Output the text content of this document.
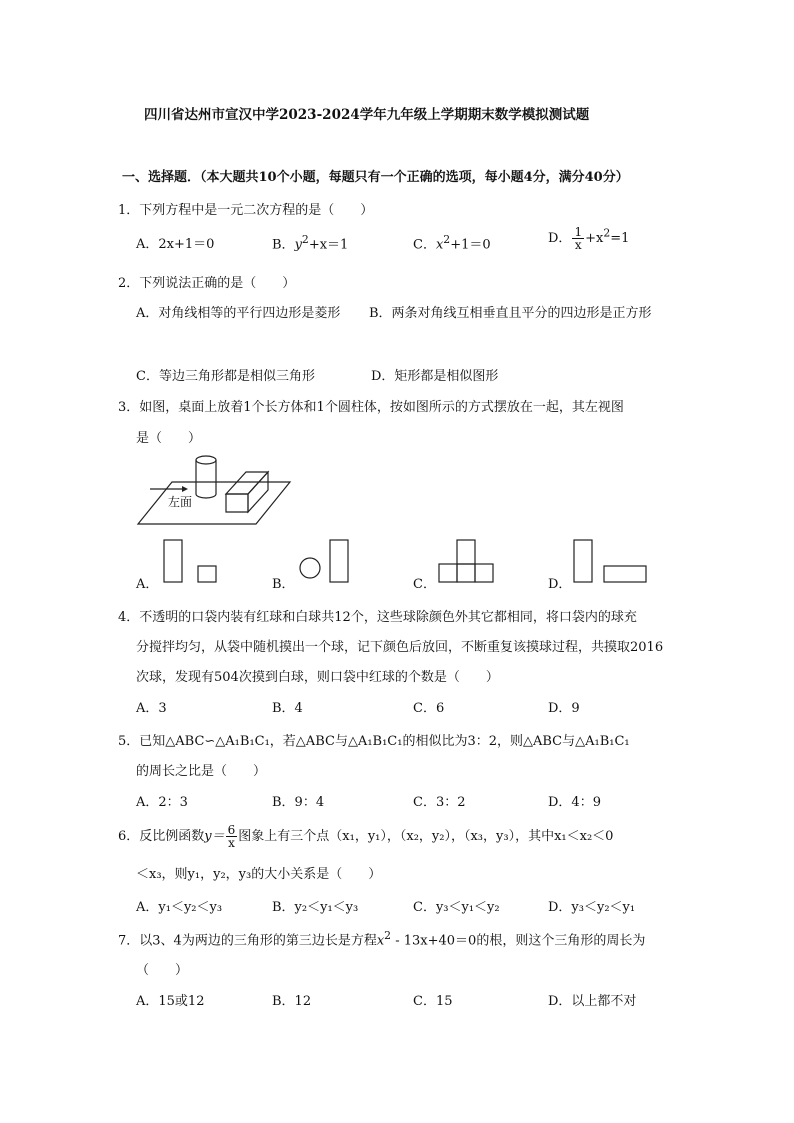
四川省达州市宣汉中学2023-2024学年九年级上学期期末数学模拟测试题
一、选择题．（本大题共10个小题，每题只有一个正确的选项，每小题4分，满分40分）
1．下列方程中是一元二次方程的是（　　）
A．2x+1＝0	B．$y^2+x=1$	C．$x^2+1=0$	D． $\frac{1}{x} +x^2=1$
2．下列说法正确的是（　　）
A．对角线相等的平行四边形是菱形 B．两条对角线互相垂直且平分的四边形是正方形
C．等边三角形都是相似三角形	D．矩形都是相似图形
3．如图，桌面上放着1个长方体和1个圆柱体，按如图所示的方式摆放在一起，其左视图
是（　　）
左面
A．	B．	C．	D．
4．不透明的口袋内装有红球和白球共12个，这些球除颜色外其它都相同，将口袋内的球充
分搅拌均匀，从袋中随机摸出一个球，记下颜色后放回，不断重复该摸球过程，共摸取2016
次球，发现有504次摸到白球，则口袋中红球的个数是（　　）
A．3	B．4	C．6	D．9
5．已知△ABC∽△A₁B₁C₁，若△ABC与△A₁B₁C₁的相似比为3：2，则△ABC与△A₁B₁C₁
的周长之比是（　　）
A．2：3	B．9：4	C．3：2	D．4：9
6．反比例函数$y= \frac{6}{x}$ 图象上有三个点（x₁，y₁），（x₂，y₂），（x₃，y₃），其中x₁＜x₂＜0
＜x₃，则y₁，y₂，y₃的大小关系是（　　）
A．y₁＜y₂＜y₃	B．y₂＜y₁＜y₃	C．y₃＜y₁＜y₂	D．y₃＜y₂＜y₁
7．以3、4为两边的三角形的第三边长是方程$x^2 - 13x+40=0$的根，则这个三角形的周长为
（　　）
A．15或12	B．12	C．15	D．以上都不对
